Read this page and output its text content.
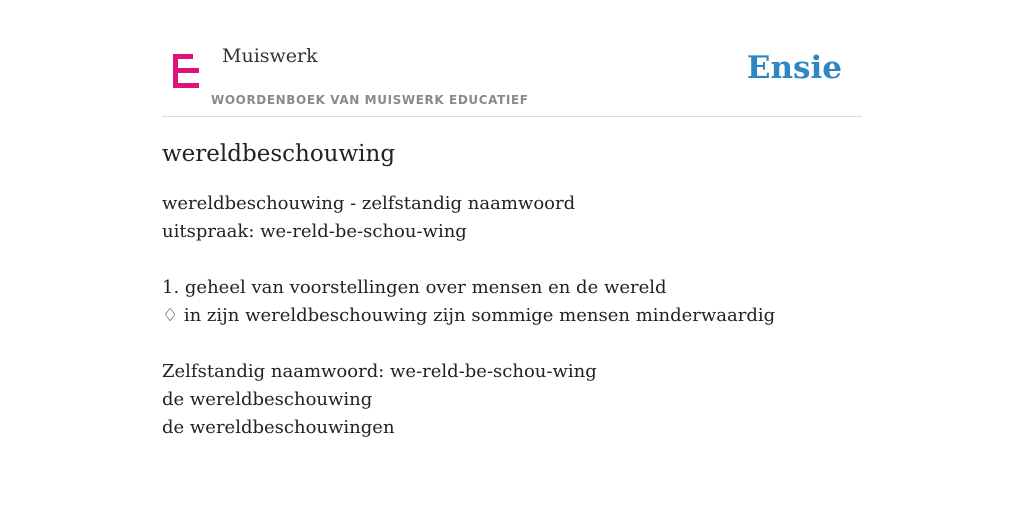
Muiswerk
WOORDENBOEK VAN MUISWERK EDUCATIEF
Ensie
wereldbeschouwing
wereldbeschouwing - zelfstandig naamwoord
uitspraak: we-reld-be-schou-wing
1. geheel van voorstellingen over mensen en de wereld
♢ in zijn wereldbeschouwing zijn sommige mensen minderwaardig
Zelfstandig naamwoord: we-reld-be-schou-wing
de wereldbeschouwing
de wereldbeschouwingen
